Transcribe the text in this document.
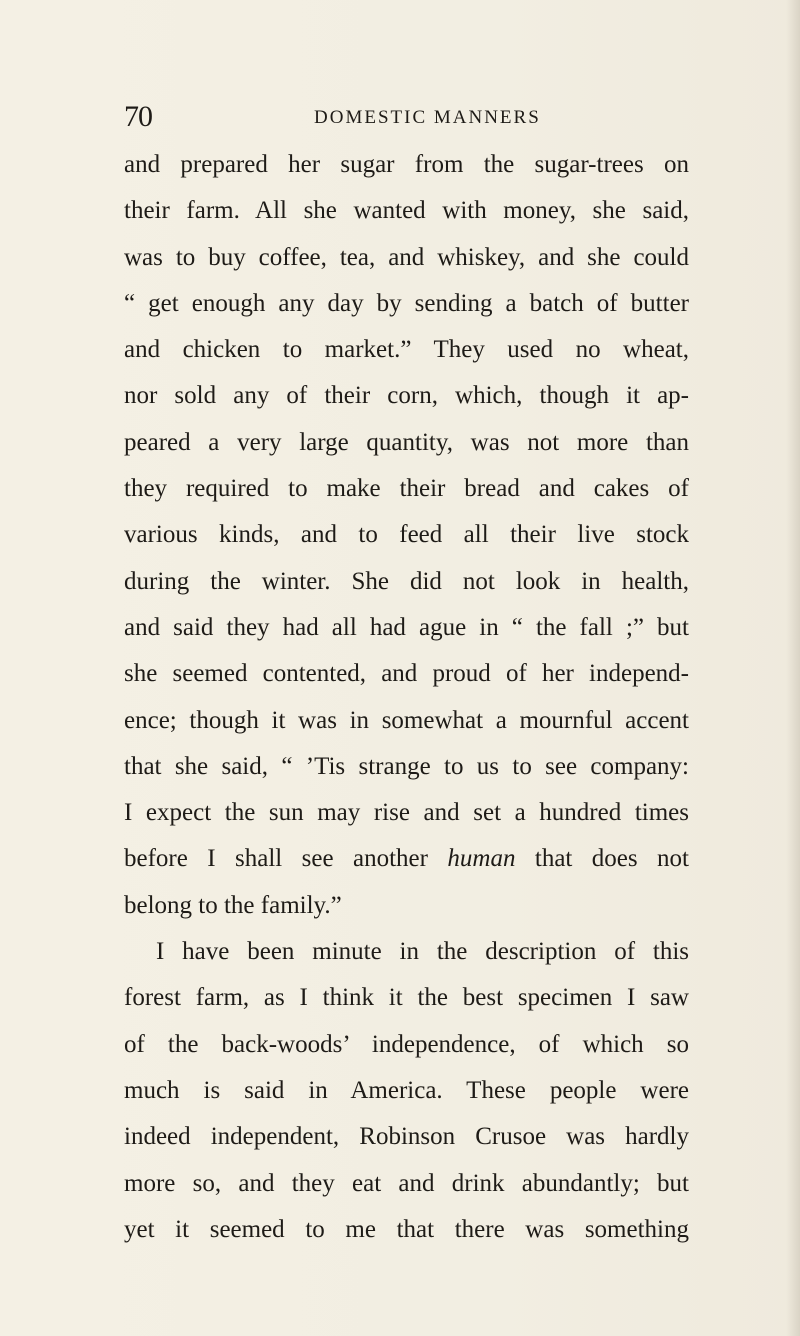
70	DOMESTIC MANNERS
and prepared her sugar from the sugar-trees on
their farm. All she wanted with money, she said,
was to buy coffee, tea, and whiskey, and she could
“ get enough any day by sending a batch of butter
and chicken to market.” They used no wheat,
nor sold any of their corn, which, though it ap-
peared a very large quantity, was not more than
they required to make their bread and cakes of
various kinds, and to feed all their live stock
during the winter. She did not look in health,
and said they had all had ague in “ the fall ;” but
she seemed contented, and proud of her independ-
ence; though it was in somewhat a mournful accent
that she said, “ ’Tis strange to us to see company:
I expect the sun may rise and set a hundred times
before I shall see another human that does not
belong to the family.”
I have been minute in the description of this
forest farm, as I think it the best specimen I saw
of the back-woods’ independence, of which so
much is said in America. These people were
indeed independent, Robinson Crusoe was hardly
more so, and they eat and drink abundantly; but
yet it seemed to me that there was something
